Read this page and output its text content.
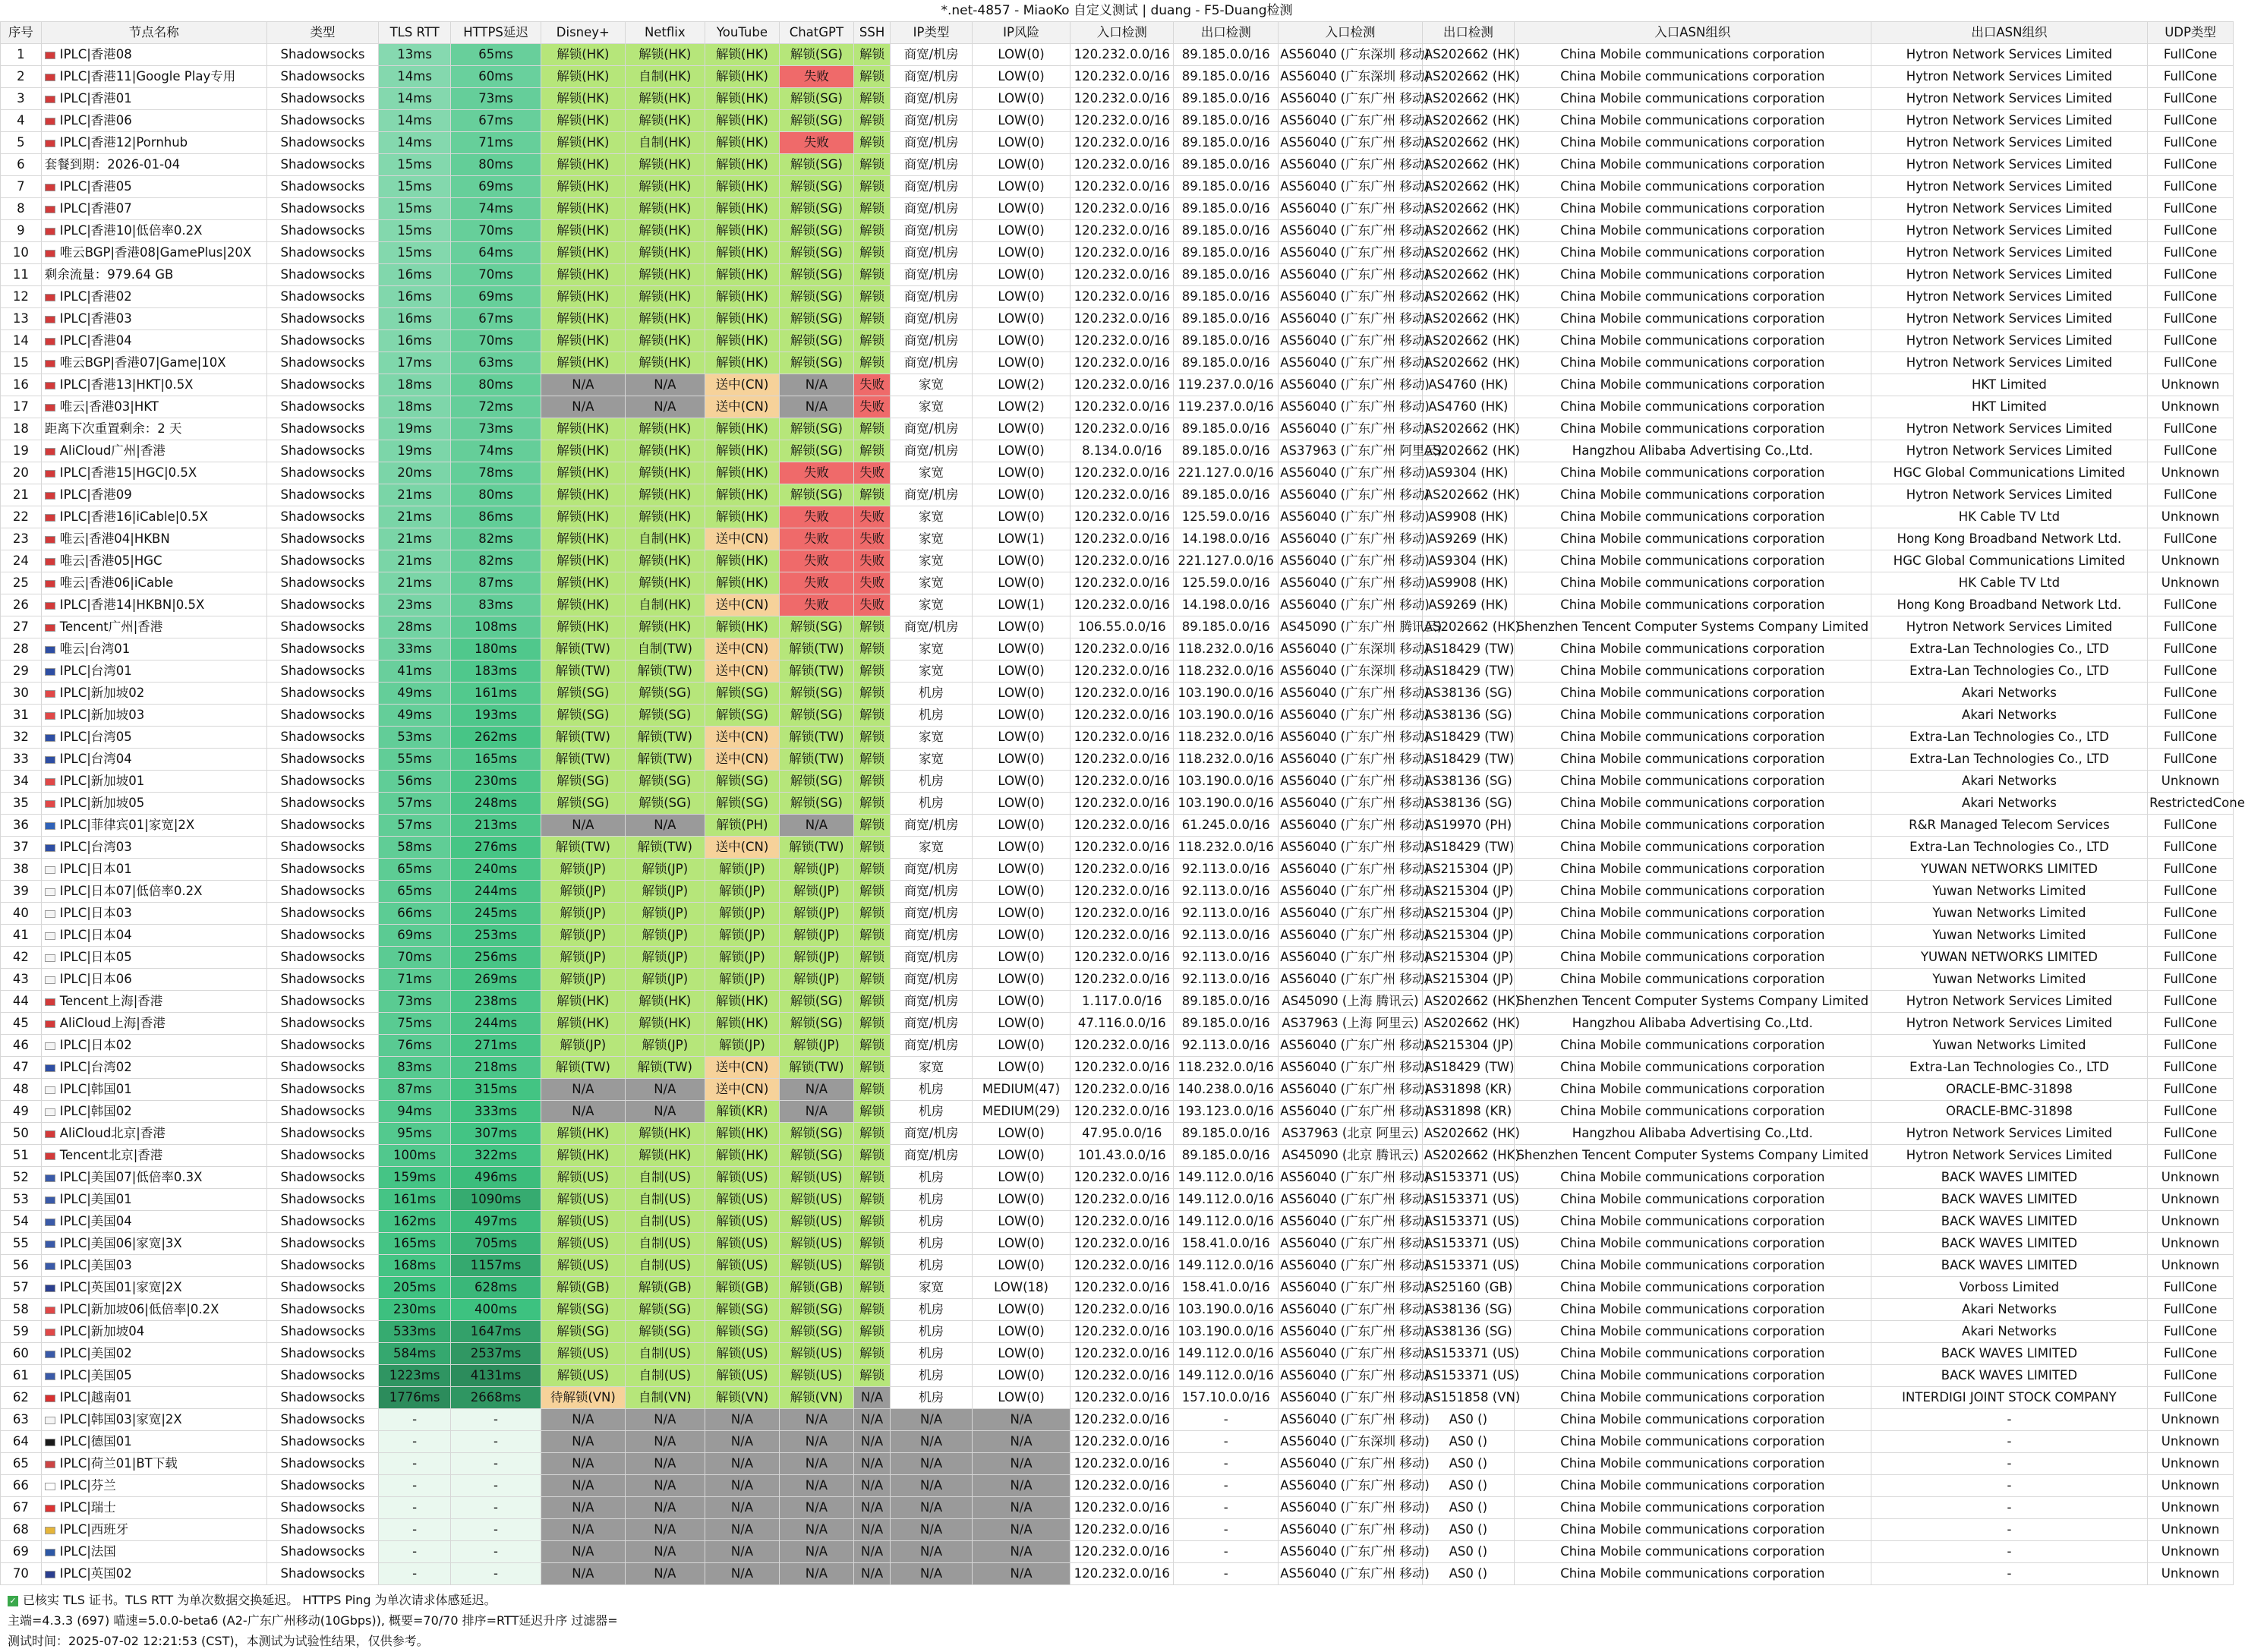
*.net-4857 - MiaoKo 自定义测试 | duang - F5-Duang检测
序号	节点名称	类型	TLS RTT	HTTPS延迟	Disney+	Netflix	YouTube	ChatGPT	SSH	IP类型	IP风险	入口检测	出口检测	入口检测	出口检测	入口ASN组织	出口ASN组织	UDP类型
1	IPLC|香港08	Shadowsocks	13ms	65ms	解锁(HK)	解锁(HK)	解锁(HK)	解锁(SG)	解锁	商宽/机房	LOW(0)	120.232.0.0/16	89.185.0.0/16	AS56040 (广东深圳 移动)	AS202662 (HK)	China Mobile communications corporation	Hytron Network Services Limited	FullCone
2	IPLC|香港11|Google Play专用	Shadowsocks	14ms	60ms	解锁(HK)	自制(HK)	解锁(HK)	失败	解锁	商宽/机房	LOW(0)	120.232.0.0/16	89.185.0.0/16	AS56040 (广东深圳 移动)	AS202662 (HK)	China Mobile communications corporation	Hytron Network Services Limited	FullCone
3	IPLC|香港01	Shadowsocks	14ms	73ms	解锁(HK)	解锁(HK)	解锁(HK)	解锁(SG)	解锁	商宽/机房	LOW(0)	120.232.0.0/16	89.185.0.0/16	AS56040 (广东广州 移动)	AS202662 (HK)	China Mobile communications corporation	Hytron Network Services Limited	FullCone
4	IPLC|香港06	Shadowsocks	14ms	67ms	解锁(HK)	解锁(HK)	解锁(HK)	解锁(SG)	解锁	商宽/机房	LOW(0)	120.232.0.0/16	89.185.0.0/16	AS56040 (广东广州 移动)	AS202662 (HK)	China Mobile communications corporation	Hytron Network Services Limited	FullCone
5	IPLC|香港12|Pornhub	Shadowsocks	14ms	71ms	解锁(HK)	自制(HK)	解锁(HK)	失败	解锁	商宽/机房	LOW(0)	120.232.0.0/16	89.185.0.0/16	AS56040 (广东广州 移动)	AS202662 (HK)	China Mobile communications corporation	Hytron Network Services Limited	FullCone
6	套餐到期：2026-01-04	Shadowsocks	15ms	80ms	解锁(HK)	解锁(HK)	解锁(HK)	解锁(SG)	解锁	商宽/机房	LOW(0)	120.232.0.0/16	89.185.0.0/16	AS56040 (广东广州 移动)	AS202662 (HK)	China Mobile communications corporation	Hytron Network Services Limited	FullCone
7	IPLC|香港05	Shadowsocks	15ms	69ms	解锁(HK)	解锁(HK)	解锁(HK)	解锁(SG)	解锁	商宽/机房	LOW(0)	120.232.0.0/16	89.185.0.0/16	AS56040 (广东广州 移动)	AS202662 (HK)	China Mobile communications corporation	Hytron Network Services Limited	FullCone
8	IPLC|香港07	Shadowsocks	15ms	74ms	解锁(HK)	解锁(HK)	解锁(HK)	解锁(SG)	解锁	商宽/机房	LOW(0)	120.232.0.0/16	89.185.0.0/16	AS56040 (广东广州 移动)	AS202662 (HK)	China Mobile communications corporation	Hytron Network Services Limited	FullCone
9	IPLC|香港10|低倍率0.2X	Shadowsocks	15ms	70ms	解锁(HK)	解锁(HK)	解锁(HK)	解锁(SG)	解锁	商宽/机房	LOW(0)	120.232.0.0/16	89.185.0.0/16	AS56040 (广东广州 移动)	AS202662 (HK)	China Mobile communications corporation	Hytron Network Services Limited	FullCone
10	唯云BGP|香港08|GamePlus|20X	Shadowsocks	15ms	64ms	解锁(HK)	解锁(HK)	解锁(HK)	解锁(SG)	解锁	商宽/机房	LOW(0)	120.232.0.0/16	89.185.0.0/16	AS56040 (广东广州 移动)	AS202662 (HK)	China Mobile communications corporation	Hytron Network Services Limited	FullCone
11	剩余流量：979.64 GB	Shadowsocks	16ms	70ms	解锁(HK)	解锁(HK)	解锁(HK)	解锁(SG)	解锁	商宽/机房	LOW(0)	120.232.0.0/16	89.185.0.0/16	AS56040 (广东广州 移动)	AS202662 (HK)	China Mobile communications corporation	Hytron Network Services Limited	FullCone
12	IPLC|香港02	Shadowsocks	16ms	69ms	解锁(HK)	解锁(HK)	解锁(HK)	解锁(SG)	解锁	商宽/机房	LOW(0)	120.232.0.0/16	89.185.0.0/16	AS56040 (广东广州 移动)	AS202662 (HK)	China Mobile communications corporation	Hytron Network Services Limited	FullCone
13	IPLC|香港03	Shadowsocks	16ms	67ms	解锁(HK)	解锁(HK)	解锁(HK)	解锁(SG)	解锁	商宽/机房	LOW(0)	120.232.0.0/16	89.185.0.0/16	AS56040 (广东广州 移动)	AS202662 (HK)	China Mobile communications corporation	Hytron Network Services Limited	FullCone
14	IPLC|香港04	Shadowsocks	16ms	70ms	解锁(HK)	解锁(HK)	解锁(HK)	解锁(SG)	解锁	商宽/机房	LOW(0)	120.232.0.0/16	89.185.0.0/16	AS56040 (广东广州 移动)	AS202662 (HK)	China Mobile communications corporation	Hytron Network Services Limited	FullCone
15	唯云BGP|香港07|Game|10X	Shadowsocks	17ms	63ms	解锁(HK)	解锁(HK)	解锁(HK)	解锁(SG)	解锁	商宽/机房	LOW(0)	120.232.0.0/16	89.185.0.0/16	AS56040 (广东广州 移动)	AS202662 (HK)	China Mobile communications corporation	Hytron Network Services Limited	FullCone
16	IPLC|香港13|HKT|0.5X	Shadowsocks	18ms	80ms	N/A	N/A	送中(CN)	N/A	失败	家宽	LOW(2)	120.232.0.0/16	119.237.0.0/16	AS56040 (广东广州 移动)	AS4760 (HK)	China Mobile communications corporation	HKT Limited	Unknown
17	唯云|香港03|HKT	Shadowsocks	18ms	72ms	N/A	N/A	送中(CN)	N/A	失败	家宽	LOW(2)	120.232.0.0/16	119.237.0.0/16	AS56040 (广东广州 移动)	AS4760 (HK)	China Mobile communications corporation	HKT Limited	Unknown
18	距离下次重置剩余：2 天	Shadowsocks	19ms	73ms	解锁(HK)	解锁(HK)	解锁(HK)	解锁(SG)	解锁	商宽/机房	LOW(0)	120.232.0.0/16	89.185.0.0/16	AS56040 (广东广州 移动)	AS202662 (HK)	China Mobile communications corporation	Hytron Network Services Limited	FullCone
19	AliCloud广州|香港	Shadowsocks	19ms	74ms	解锁(HK)	解锁(HK)	解锁(HK)	解锁(SG)	解锁	商宽/机房	LOW(0)	8.134.0.0/16	89.185.0.0/16	AS37963 (广东广州 阿里云)	AS202662 (HK)	Hangzhou Alibaba Advertising Co.,Ltd.	Hytron Network Services Limited	FullCone
20	IPLC|香港15|HGC|0.5X	Shadowsocks	20ms	78ms	解锁(HK)	解锁(HK)	解锁(HK)	失败	失败	家宽	LOW(0)	120.232.0.0/16	221.127.0.0/16	AS56040 (广东广州 移动)	AS9304 (HK)	China Mobile communications corporation	HGC Global Communications Limited	Unknown
21	IPLC|香港09	Shadowsocks	21ms	80ms	解锁(HK)	解锁(HK)	解锁(HK)	解锁(SG)	解锁	商宽/机房	LOW(0)	120.232.0.0/16	89.185.0.0/16	AS56040 (广东广州 移动)	AS202662 (HK)	China Mobile communications corporation	Hytron Network Services Limited	FullCone
22	IPLC|香港16|iCable|0.5X	Shadowsocks	21ms	86ms	解锁(HK)	解锁(HK)	解锁(HK)	失败	失败	家宽	LOW(0)	120.232.0.0/16	125.59.0.0/16	AS56040 (广东广州 移动)	AS9908 (HK)	China Mobile communications corporation	HK Cable TV Ltd	Unknown
23	唯云|香港04|HKBN	Shadowsocks	21ms	82ms	解锁(HK)	自制(HK)	送中(CN)	失败	失败	家宽	LOW(1)	120.232.0.0/16	14.198.0.0/16	AS56040 (广东广州 移动)	AS9269 (HK)	China Mobile communications corporation	Hong Kong Broadband Network Ltd.	FullCone
24	唯云|香港05|HGC	Shadowsocks	21ms	82ms	解锁(HK)	解锁(HK)	解锁(HK)	失败	失败	家宽	LOW(0)	120.232.0.0/16	221.127.0.0/16	AS56040 (广东广州 移动)	AS9304 (HK)	China Mobile communications corporation	HGC Global Communications Limited	Unknown
25	唯云|香港06|iCable	Shadowsocks	21ms	87ms	解锁(HK)	解锁(HK)	解锁(HK)	失败	失败	家宽	LOW(0)	120.232.0.0/16	125.59.0.0/16	AS56040 (广东广州 移动)	AS9908 (HK)	China Mobile communications corporation	HK Cable TV Ltd	Unknown
26	IPLC|香港14|HKBN|0.5X	Shadowsocks	23ms	83ms	解锁(HK)	自制(HK)	送中(CN)	失败	失败	家宽	LOW(1)	120.232.0.0/16	14.198.0.0/16	AS56040 (广东广州 移动)	AS9269 (HK)	China Mobile communications corporation	Hong Kong Broadband Network Ltd.	FullCone
27	Tencent广州|香港	Shadowsocks	28ms	108ms	解锁(HK)	解锁(HK)	解锁(HK)	解锁(SG)	解锁	商宽/机房	LOW(0)	106.55.0.0/16	89.185.0.0/16	AS45090 (广东广州 腾讯云)	AS202662 (HK)	Shenzhen Tencent Computer Systems Company Limited	Hytron Network Services Limited	FullCone
28	唯云|台湾01	Shadowsocks	33ms	180ms	解锁(TW)	自制(TW)	送中(CN)	解锁(TW)	解锁	家宽	LOW(0)	120.232.0.0/16	118.232.0.0/16	AS56040 (广东深圳 移动)	AS18429 (TW)	China Mobile communications corporation	Extra-Lan Technologies Co., LTD	FullCone
29	IPLC|台湾01	Shadowsocks	41ms	183ms	解锁(TW)	解锁(TW)	送中(CN)	解锁(TW)	解锁	家宽	LOW(0)	120.232.0.0/16	118.232.0.0/16	AS56040 (广东深圳 移动)	AS18429 (TW)	China Mobile communications corporation	Extra-Lan Technologies Co., LTD	FullCone
30	IPLC|新加坡02	Shadowsocks	49ms	161ms	解锁(SG)	解锁(SG)	解锁(SG)	解锁(SG)	解锁	机房	LOW(0)	120.232.0.0/16	103.190.0.0/16	AS56040 (广东广州 移动)	AS38136 (SG)	China Mobile communications corporation	Akari Networks	FullCone
31	IPLC|新加坡03	Shadowsocks	49ms	193ms	解锁(SG)	解锁(SG)	解锁(SG)	解锁(SG)	解锁	机房	LOW(0)	120.232.0.0/16	103.190.0.0/16	AS56040 (广东广州 移动)	AS38136 (SG)	China Mobile communications corporation	Akari Networks	FullCone
32	IPLC|台湾05	Shadowsocks	53ms	262ms	解锁(TW)	解锁(TW)	送中(CN)	解锁(TW)	解锁	家宽	LOW(0)	120.232.0.0/16	118.232.0.0/16	AS56040 (广东广州 移动)	AS18429 (TW)	China Mobile communications corporation	Extra-Lan Technologies Co., LTD	FullCone
33	IPLC|台湾04	Shadowsocks	55ms	165ms	解锁(TW)	解锁(TW)	送中(CN)	解锁(TW)	解锁	家宽	LOW(0)	120.232.0.0/16	118.232.0.0/16	AS56040 (广东广州 移动)	AS18429 (TW)	China Mobile communications corporation	Extra-Lan Technologies Co., LTD	FullCone
34	IPLC|新加坡01	Shadowsocks	56ms	230ms	解锁(SG)	解锁(SG)	解锁(SG)	解锁(SG)	解锁	机房	LOW(0)	120.232.0.0/16	103.190.0.0/16	AS56040 (广东广州 移动)	AS38136 (SG)	China Mobile communications corporation	Akari Networks	Unknown
35	IPLC|新加坡05	Shadowsocks	57ms	248ms	解锁(SG)	解锁(SG)	解锁(SG)	解锁(SG)	解锁	机房	LOW(0)	120.232.0.0/16	103.190.0.0/16	AS56040 (广东广州 移动)	AS38136 (SG)	China Mobile communications corporation	Akari Networks	RestrictedCone
36	IPLC|菲律宾01|家宽|2X	Shadowsocks	57ms	213ms	N/A	N/A	解锁(PH)	N/A	解锁	商宽/机房	LOW(0)	120.232.0.0/16	61.245.0.0/16	AS56040 (广东广州 移动)	AS19970 (PH)	China Mobile communications corporation	R&R Managed Telecom Services	FullCone
37	IPLC|台湾03	Shadowsocks	58ms	276ms	解锁(TW)	解锁(TW)	送中(CN)	解锁(TW)	解锁	家宽	LOW(0)	120.232.0.0/16	118.232.0.0/16	AS56040 (广东广州 移动)	AS18429 (TW)	China Mobile communications corporation	Extra-Lan Technologies Co., LTD	FullCone
38	IPLC|日本01	Shadowsocks	65ms	240ms	解锁(JP)	解锁(JP)	解锁(JP)	解锁(JP)	解锁	商宽/机房	LOW(0)	120.232.0.0/16	92.113.0.0/16	AS56040 (广东广州 移动)	AS215304 (JP)	China Mobile communications corporation	YUWAN NETWORKS LIMITED	FullCone
39	IPLC|日本07|低倍率0.2X	Shadowsocks	65ms	244ms	解锁(JP)	解锁(JP)	解锁(JP)	解锁(JP)	解锁	商宽/机房	LOW(0)	120.232.0.0/16	92.113.0.0/16	AS56040 (广东广州 移动)	AS215304 (JP)	China Mobile communications corporation	Yuwan Networks Limited	FullCone
40	IPLC|日本03	Shadowsocks	66ms	245ms	解锁(JP)	解锁(JP)	解锁(JP)	解锁(JP)	解锁	商宽/机房	LOW(0)	120.232.0.0/16	92.113.0.0/16	AS56040 (广东广州 移动)	AS215304 (JP)	China Mobile communications corporation	Yuwan Networks Limited	FullCone
41	IPLC|日本04	Shadowsocks	69ms	253ms	解锁(JP)	解锁(JP)	解锁(JP)	解锁(JP)	解锁	商宽/机房	LOW(0)	120.232.0.0/16	92.113.0.0/16	AS56040 (广东广州 移动)	AS215304 (JP)	China Mobile communications corporation	Yuwan Networks Limited	FullCone
42	IPLC|日本05	Shadowsocks	70ms	256ms	解锁(JP)	解锁(JP)	解锁(JP)	解锁(JP)	解锁	商宽/机房	LOW(0)	120.232.0.0/16	92.113.0.0/16	AS56040 (广东广州 移动)	AS215304 (JP)	China Mobile communications corporation	YUWAN NETWORKS LIMITED	FullCone
43	IPLC|日本06	Shadowsocks	71ms	269ms	解锁(JP)	解锁(JP)	解锁(JP)	解锁(JP)	解锁	商宽/机房	LOW(0)	120.232.0.0/16	92.113.0.0/16	AS56040 (广东广州 移动)	AS215304 (JP)	China Mobile communications corporation	Yuwan Networks Limited	FullCone
44	Tencent上海|香港	Shadowsocks	73ms	238ms	解锁(HK)	解锁(HK)	解锁(HK)	解锁(SG)	解锁	商宽/机房	LOW(0)	1.117.0.0/16	89.185.0.0/16	AS45090 (上海 腾讯云)	AS202662 (HK)	Shenzhen Tencent Computer Systems Company Limited	Hytron Network Services Limited	FullCone
45	AliCloud上海|香港	Shadowsocks	75ms	244ms	解锁(HK)	解锁(HK)	解锁(HK)	解锁(SG)	解锁	商宽/机房	LOW(0)	47.116.0.0/16	89.185.0.0/16	AS37963 (上海 阿里云)	AS202662 (HK)	Hangzhou Alibaba Advertising Co.,Ltd.	Hytron Network Services Limited	FullCone
46	IPLC|日本02	Shadowsocks	76ms	271ms	解锁(JP)	解锁(JP)	解锁(JP)	解锁(JP)	解锁	商宽/机房	LOW(0)	120.232.0.0/16	92.113.0.0/16	AS56040 (广东广州 移动)	AS215304 (JP)	China Mobile communications corporation	Yuwan Networks Limited	FullCone
47	IPLC|台湾02	Shadowsocks	83ms	218ms	解锁(TW)	解锁(TW)	送中(CN)	解锁(TW)	解锁	家宽	LOW(0)	120.232.0.0/16	118.232.0.0/16	AS56040 (广东广州 移动)	AS18429 (TW)	China Mobile communications corporation	Extra-Lan Technologies Co., LTD	FullCone
48	IPLC|韩国01	Shadowsocks	87ms	315ms	N/A	N/A	送中(CN)	N/A	解锁	机房	MEDIUM(47)	120.232.0.0/16	140.238.0.0/16	AS56040 (广东广州 移动)	AS31898 (KR)	China Mobile communications corporation	ORACLE-BMC-31898	FullCone
49	IPLC|韩国02	Shadowsocks	94ms	333ms	N/A	N/A	解锁(KR)	N/A	解锁	机房	MEDIUM(29)	120.232.0.0/16	193.123.0.0/16	AS56040 (广东广州 移动)	AS31898 (KR)	China Mobile communications corporation	ORACLE-BMC-31898	FullCone
50	AliCloud北京|香港	Shadowsocks	95ms	307ms	解锁(HK)	解锁(HK)	解锁(HK)	解锁(SG)	解锁	商宽/机房	LOW(0)	47.95.0.0/16	89.185.0.0/16	AS37963 (北京 阿里云)	AS202662 (HK)	Hangzhou Alibaba Advertising Co.,Ltd.	Hytron Network Services Limited	FullCone
51	Tencent北京|香港	Shadowsocks	100ms	322ms	解锁(HK)	解锁(HK)	解锁(HK)	解锁(SG)	解锁	商宽/机房	LOW(0)	101.43.0.0/16	89.185.0.0/16	AS45090 (北京 腾讯云)	AS202662 (HK)	Shenzhen Tencent Computer Systems Company Limited	Hytron Network Services Limited	FullCone
52	IPLC|美国07|低倍率0.3X	Shadowsocks	159ms	496ms	解锁(US)	自制(US)	解锁(US)	解锁(US)	解锁	机房	LOW(0)	120.232.0.0/16	149.112.0.0/16	AS56040 (广东广州 移动)	AS153371 (US)	China Mobile communications corporation	BACK WAVES LIMITED	Unknown
53	IPLC|美国01	Shadowsocks	161ms	1090ms	解锁(US)	自制(US)	解锁(US)	解锁(US)	解锁	机房	LOW(0)	120.232.0.0/16	149.112.0.0/16	AS56040 (广东广州 移动)	AS153371 (US)	China Mobile communications corporation	BACK WAVES LIMITED	Unknown
54	IPLC|美国04	Shadowsocks	162ms	497ms	解锁(US)	自制(US)	解锁(US)	解锁(US)	解锁	机房	LOW(0)	120.232.0.0/16	149.112.0.0/16	AS56040 (广东广州 移动)	AS153371 (US)	China Mobile communications corporation	BACK WAVES LIMITED	Unknown
55	IPLC|美国06|家宽|3X	Shadowsocks	165ms	705ms	解锁(US)	自制(US)	解锁(US)	解锁(US)	解锁	机房	LOW(0)	120.232.0.0/16	158.41.0.0/16	AS56040 (广东广州 移动)	AS153371 (US)	China Mobile communications corporation	BACK WAVES LIMITED	Unknown
56	IPLC|美国03	Shadowsocks	168ms	1157ms	解锁(US)	自制(US)	解锁(US)	解锁(US)	解锁	机房	LOW(0)	120.232.0.0/16	149.112.0.0/16	AS56040 (广东广州 移动)	AS153371 (US)	China Mobile communications corporation	BACK WAVES LIMITED	Unknown
57	IPLC|英国01|家宽|2X	Shadowsocks	205ms	628ms	解锁(GB)	解锁(GB)	解锁(GB)	解锁(GB)	解锁	家宽	LOW(18)	120.232.0.0/16	158.41.0.0/16	AS56040 (广东广州 移动)	AS25160 (GB)	China Mobile communications corporation	Vorboss Limited	FullCone
58	IPLC|新加坡06|低倍率|0.2X	Shadowsocks	230ms	400ms	解锁(SG)	解锁(SG)	解锁(SG)	解锁(SG)	解锁	机房	LOW(0)	120.232.0.0/16	103.190.0.0/16	AS56040 (广东广州 移动)	AS38136 (SG)	China Mobile communications corporation	Akari Networks	FullCone
59	IPLC|新加坡04	Shadowsocks	533ms	1647ms	解锁(SG)	解锁(SG)	解锁(SG)	解锁(SG)	解锁	机房	LOW(0)	120.232.0.0/16	103.190.0.0/16	AS56040 (广东广州 移动)	AS38136 (SG)	China Mobile communications corporation	Akari Networks	FullCone
60	IPLC|美国02	Shadowsocks	584ms	2537ms	解锁(US)	自制(US)	解锁(US)	解锁(US)	解锁	机房	LOW(0)	120.232.0.0/16	149.112.0.0/16	AS56040 (广东广州 移动)	AS153371 (US)	China Mobile communications corporation	BACK WAVES LIMITED	FullCone
61	IPLC|美国05	Shadowsocks	1223ms	4131ms	解锁(US)	自制(US)	解锁(US)	解锁(US)	解锁	机房	LOW(0)	120.232.0.0/16	149.112.0.0/16	AS56040 (广东广州 移动)	AS153371 (US)	China Mobile communications corporation	BACK WAVES LIMITED	FullCone
62	IPLC|越南01	Shadowsocks	1776ms	2668ms	待解锁(VN)	自制(VN)	解锁(VN)	解锁(VN)	N/A	机房	LOW(0)	120.232.0.0/16	157.10.0.0/16	AS56040 (广东广州 移动)	AS151858 (VN)	China Mobile communications corporation	INTERDIGI JOINT STOCK COMPANY	FullCone
63	IPLC|韩国03|家宽|2X	Shadowsocks	-	-	N/A	N/A	N/A	N/A	N/A	N/A	N/A	120.232.0.0/16	-	AS56040 (广东广州 移动)	AS0 ()	China Mobile communications corporation	-	Unknown
64	IPLC|德国01	Shadowsocks	-	-	N/A	N/A	N/A	N/A	N/A	N/A	N/A	120.232.0.0/16	-	AS56040 (广东深圳 移动)	AS0 ()	China Mobile communications corporation	-	Unknown
65	IPLC|荷兰01|BT下载	Shadowsocks	-	-	N/A	N/A	N/A	N/A	N/A	N/A	N/A	120.232.0.0/16	-	AS56040 (广东广州 移动)	AS0 ()	China Mobile communications corporation	-	Unknown
66	IPLC|芬兰	Shadowsocks	-	-	N/A	N/A	N/A	N/A	N/A	N/A	N/A	120.232.0.0/16	-	AS56040 (广东广州 移动)	AS0 ()	China Mobile communications corporation	-	Unknown
67	IPLC|瑞士	Shadowsocks	-	-	N/A	N/A	N/A	N/A	N/A	N/A	N/A	120.232.0.0/16	-	AS56040 (广东广州 移动)	AS0 ()	China Mobile communications corporation	-	Unknown
68	IPLC|西班牙	Shadowsocks	-	-	N/A	N/A	N/A	N/A	N/A	N/A	N/A	120.232.0.0/16	-	AS56040 (广东广州 移动)	AS0 ()	China Mobile communications corporation	-	Unknown
69	IPLC|法国	Shadowsocks	-	-	N/A	N/A	N/A	N/A	N/A	N/A	N/A	120.232.0.0/16	-	AS56040 (广东广州 移动)	AS0 ()	China Mobile communications corporation	-	Unknown
70	IPLC|英国02	Shadowsocks	-	-	N/A	N/A	N/A	N/A	N/A	N/A	N/A	120.232.0.0/16	-	AS56040 (广东广州 移动)	AS0 ()	China Mobile communications corporation	-	Unknown
✓ 已核实 TLS 证书。TLS RTT 为单次数据交换延迟。 HTTPS Ping 为单次请求体感延迟。
主端=4.3.3 (697) 喵速=5.0.0-beta6 (A2-广东广州移动(10Gbps)), 概要=70/70 排序=RTT延迟升序 过滤器=
测试时间：2025-07-02 12:21:53 (CST)，本测试为试验性结果，仅供参考。
